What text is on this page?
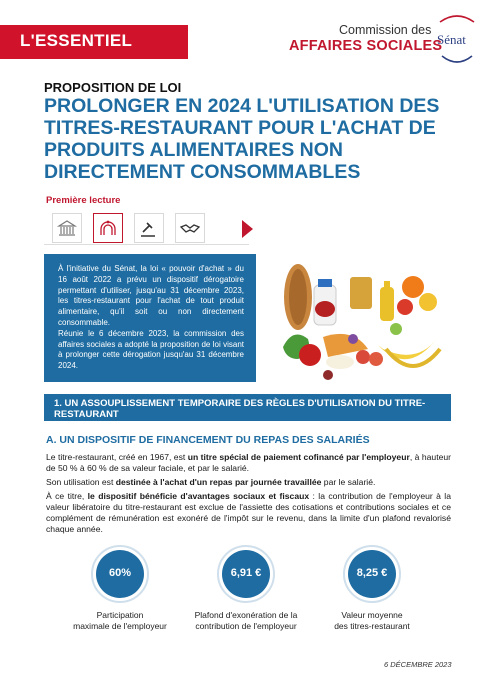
L'ESSENTIEL
Commission des
AFFAIRES SOCIALES
Sénat
PROPOSITION DE LOI
PROLONGER EN 2024 L'UTILISATION DES TITRES-RESTAURANT POUR L'ACHAT DE PRODUITS ALIMENTAIRES NON DIRECTEMENT CONSOMMABLES
Première lecture

À l'initiative du Sénat, la loi « pouvoir d'achat » du 16 août 2022 a prévu un dispositif dérogatoire permettant d'utiliser, jusqu'au 31 décembre 2023, les titres-restaurant pour l'achat de tout produit alimentaire, qu'il soit ou non directement consommable.

Réunie le 6 décembre 2023, la commission des affaires sociales a adopté la proposition de loi visant à prolonger cette dérogation jusqu'au 31 décembre 2024.

1. UN ASSOUPLISSEMENT TEMPORAIRE DES RÈGLES D'UTILISATION DU TITRE-RESTAURANT
A. UN DISPOSITIF DE FINANCEMENT DU REPAS DES SALARIÉS
Le titre-restaurant, créé en 1967, est un titre spécial de paiement cofinancé par l'employeur, à hauteur de 50 % à 60 % de sa valeur faciale, et par le salarié.
Son utilisation est destinée à l'achat d'un repas par journée travaillée par le salarié.
À ce titre, le dispositif bénéficie d'avantages sociaux et fiscaux : la contribution de l'employeur à la valeur libératoire du titre-restaurant est exclue de l'assiette des cotisations et contributions sociales et ce complément de rémunération est exonéré de l'impôt sur le revenu, dans la limite d'un plafond revalorisé chaque année.
60%
Participation
maximale de l'employeur
6,91 €
Plafond d'exonération de la
contribution de l'employeur
8,25 €
Valeur moyenne
des titres-restaurant
6 DÉCEMBRE 2023
